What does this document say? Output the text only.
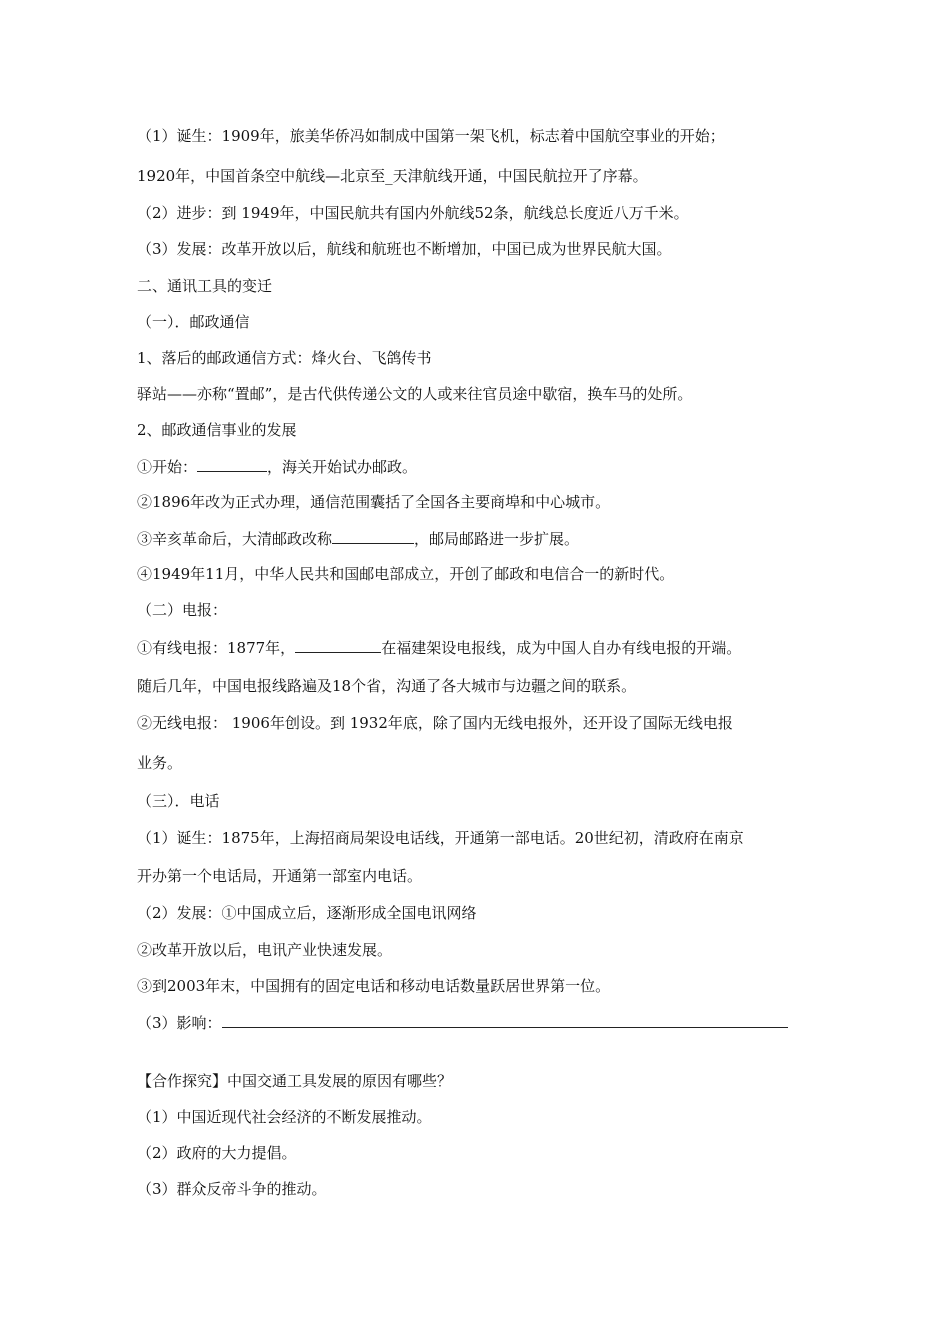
（1）诞生：1909年，旅美华侨冯如制成中国第一架飞机，标志着中国航空事业的开始；
1920年，中国首条空中航线—北京至_天津航线开通，中国民航拉开了序幕。
（2）进步：到 1949年，中国民航共有国内外航线52条，航线总长度近八万千米。
（3）发展：改革开放以后，航线和航班也不断增加，中国已成为世界民航大国。
二、通讯工具的变迁
（一）．邮政通信
1、落后的邮政通信方式：烽火台、飞鸽传书
驿站——亦称“置邮”，是古代供传递公文的人或来往官员途中歇宿，换车马的处所。
2、邮政通信事业的发展
①开始：	，海关开始试办邮政。
②1896年改为正式办理，通信范围囊括了全国各主要商埠和中心城市。
③辛亥革命后，大清邮政改称	，邮局邮路进一步扩展。
④1949年11月，中华人民共和国邮电部成立，开创了邮政和电信合一的新时代。
（二）电报：
①有线电报：1877年，	在福建架设电报线，成为中国人自办有线电报的开端。
随后几年，中国电报线路遍及18个省，沟通了各大城市与边疆之间的联系。
②无线电报： 1906年创设。到 1932年底，除了国内无线电报外，还开设了国际无线电报
业务。
（三）．电话
（1）诞生：1875年，上海招商局架设电话线，开通第一部电话。20世纪初，清政府在南京
开办第一个电话局，开通第一部室内电话。
（2）发展：①中国成立后，逐渐形成全国电讯网络
②改革开放以后，电讯产业快速发展。
③到2003年末，中国拥有的固定电话和移动电话数量跃居世界第一位。
（3）影响：
【合作探究】中国交通工具发展的原因有哪些？
（1）中国近现代社会经济的不断发展推动。
（2）政府的大力提倡。
（3）群众反帝斗争的推动。
